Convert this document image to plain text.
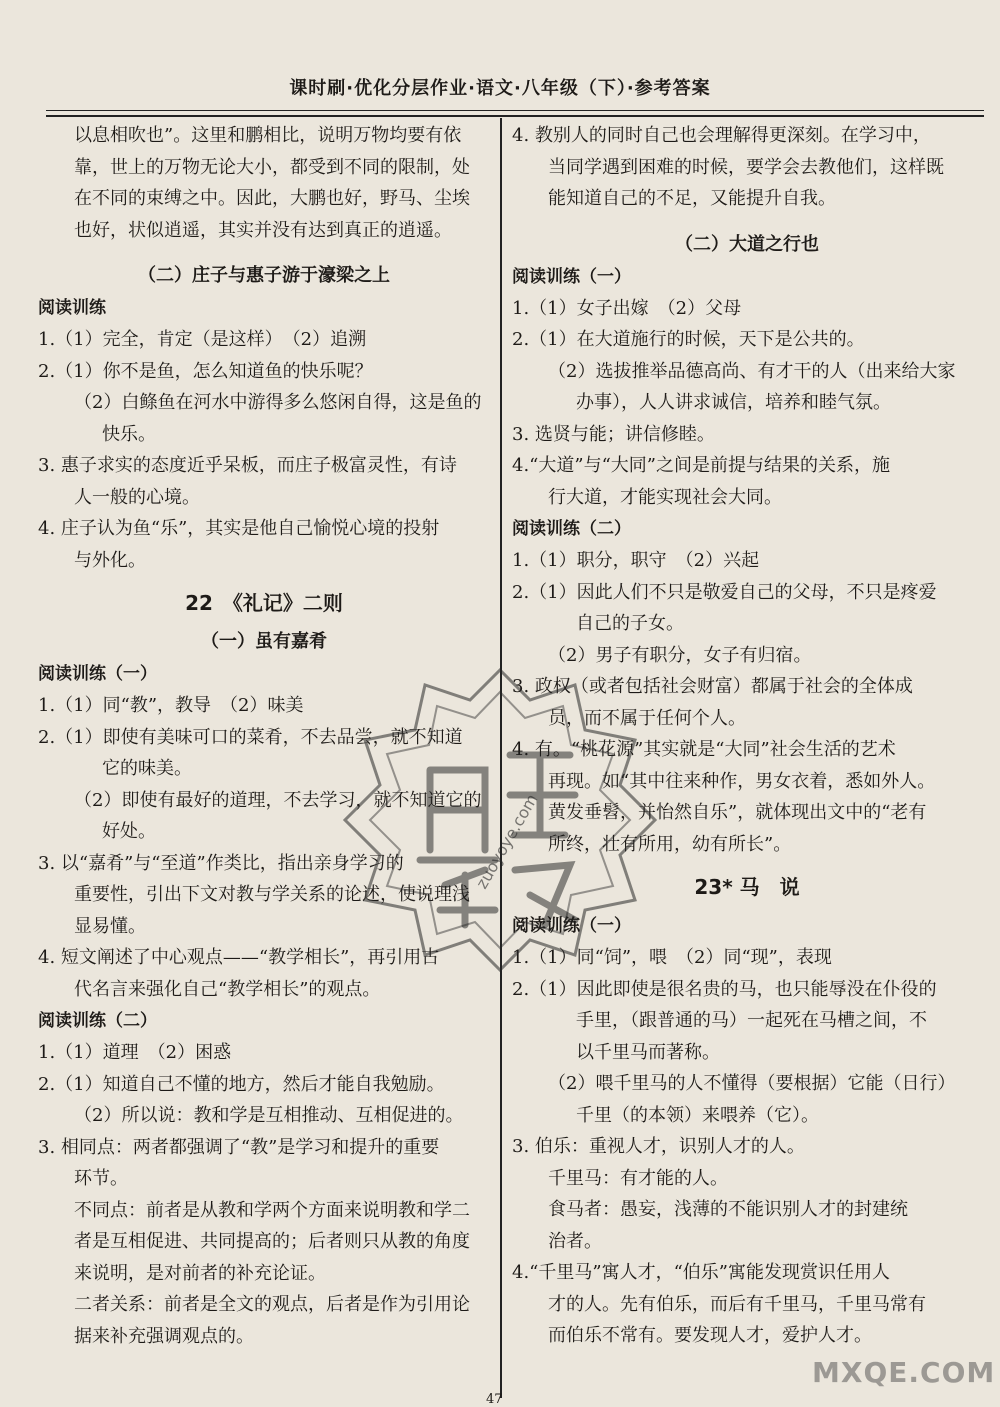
课时刷·优化分层作业·语文·八年级（下）·参考答案
以息相吹也”。这里和鹏相比，说明万物均要有依
靠，世上的万物无论大小，都受到不同的限制，处
在不同的束缚之中。因此，大鹏也好，野马、尘埃
也好，状似逍遥，其实并没有达到真正的逍遥。
（二）庄子与惠子游于濠梁之上
阅读训练
1.（1）完全，肯定（是这样）　（2）追溯
2.（1）你不是鱼，怎么知道鱼的快乐呢？
（2）白鲦鱼在河水中游得多么悠闲自得，这是鱼的
快乐。
3. 惠子求实的态度近乎呆板，而庄子极富灵性，有诗
人一般的心境。
4. 庄子认为鱼“乐”，其实是他自己愉悦心境的投射
与外化。
22　《礼记》二则
（一）虽有嘉肴
阅读训练（一）
1.（1）同“教”，教导　（2）味美
2.（1）即使有美味可口的菜肴，不去品尝，就不知道
它的味美。
（2）即使有最好的道理，不去学习，就不知道它的
好处。
3. 以“嘉肴”与“至道”作类比，指出亲身学习的
重要性，引出下文对教与学关系的论述，使说理浅
显易懂。
4. 短文阐述了中心观点——“教学相长”，再引用古
代名言来强化自己“教学相长”的观点。
阅读训练（二）
1.（1）道理　（2）困惑
2.（1）知道自己不懂的地方，然后才能自我勉励。
（2）所以说：教和学是互相推动、互相促进的。
3. 相同点：两者都强调了“教”是学习和提升的重要
环节。
不同点：前者是从教和学两个方面来说明教和学二
者是互相促进、共同提高的；后者则只从教的角度
来说明，是对前者的补充论证。
二者关系：前者是全文的观点，后者是作为引用论
据来补充强调观点的。
4. 教别人的同时自己也会理解得更深刻。在学习中，
当同学遇到困难的时候，要学会去教他们，这样既
能知道自己的不足，又能提升自我。
（二）大道之行也
阅读训练（一）
1.（1）女子出嫁　（2）父母
2.（1）在大道施行的时候，天下是公共的。
（2）选拔推举品德高尚、有才干的人（出来给大家
办事），人人讲求诚信，培养和睦气氛。
3. 选贤与能；讲信修睦。
4.“大道”与“大同”之间是前提与结果的关系，施
行大道，才能实现社会大同。
阅读训练（二）
1.（1）职分，职守　（2）兴起
2.（1）因此人们不只是敬爱自己的父母，不只是疼爱
自己的子女。
（2）男子有职分，女子有归宿。
3. 政权（或者包括社会财富）都属于社会的全体成
员，而不属于任何个人。
4. 有。“桃花源”其实就是“大同”社会生活的艺术
再现。如“其中往来种作，男女衣着，悉如外人。
黄发垂髫，并怡然自乐”，就体现出文中的“老有
所终，壮有所用，幼有所长”。
23* 马　说
阅读训练（一）
1.（1）同“饲”，喂　（2）同“现”，表现
2.（1）因此即使是很名贵的马，也只能辱没在仆役的
手里，（跟普通的马）一起死在马槽之间，不
以千里马而著称。
（2）喂千里马的人不懂得（要根据）它能（日行）
千里（的本领）来喂养（它）。
3. 伯乐：重视人才，识别人才的人。
千里马：有才能的人。
食马者：愚妄，浅薄的不能识别人才的封建统
治者。
4.“千里马”寓人才，“伯乐”寓能发现赏识任用人
才的人。先有伯乐，而后有千里马，千里马常有
而伯乐不常有。要发现人才，爱护人才。
zuoyoye.com
MXQE.COM
47
